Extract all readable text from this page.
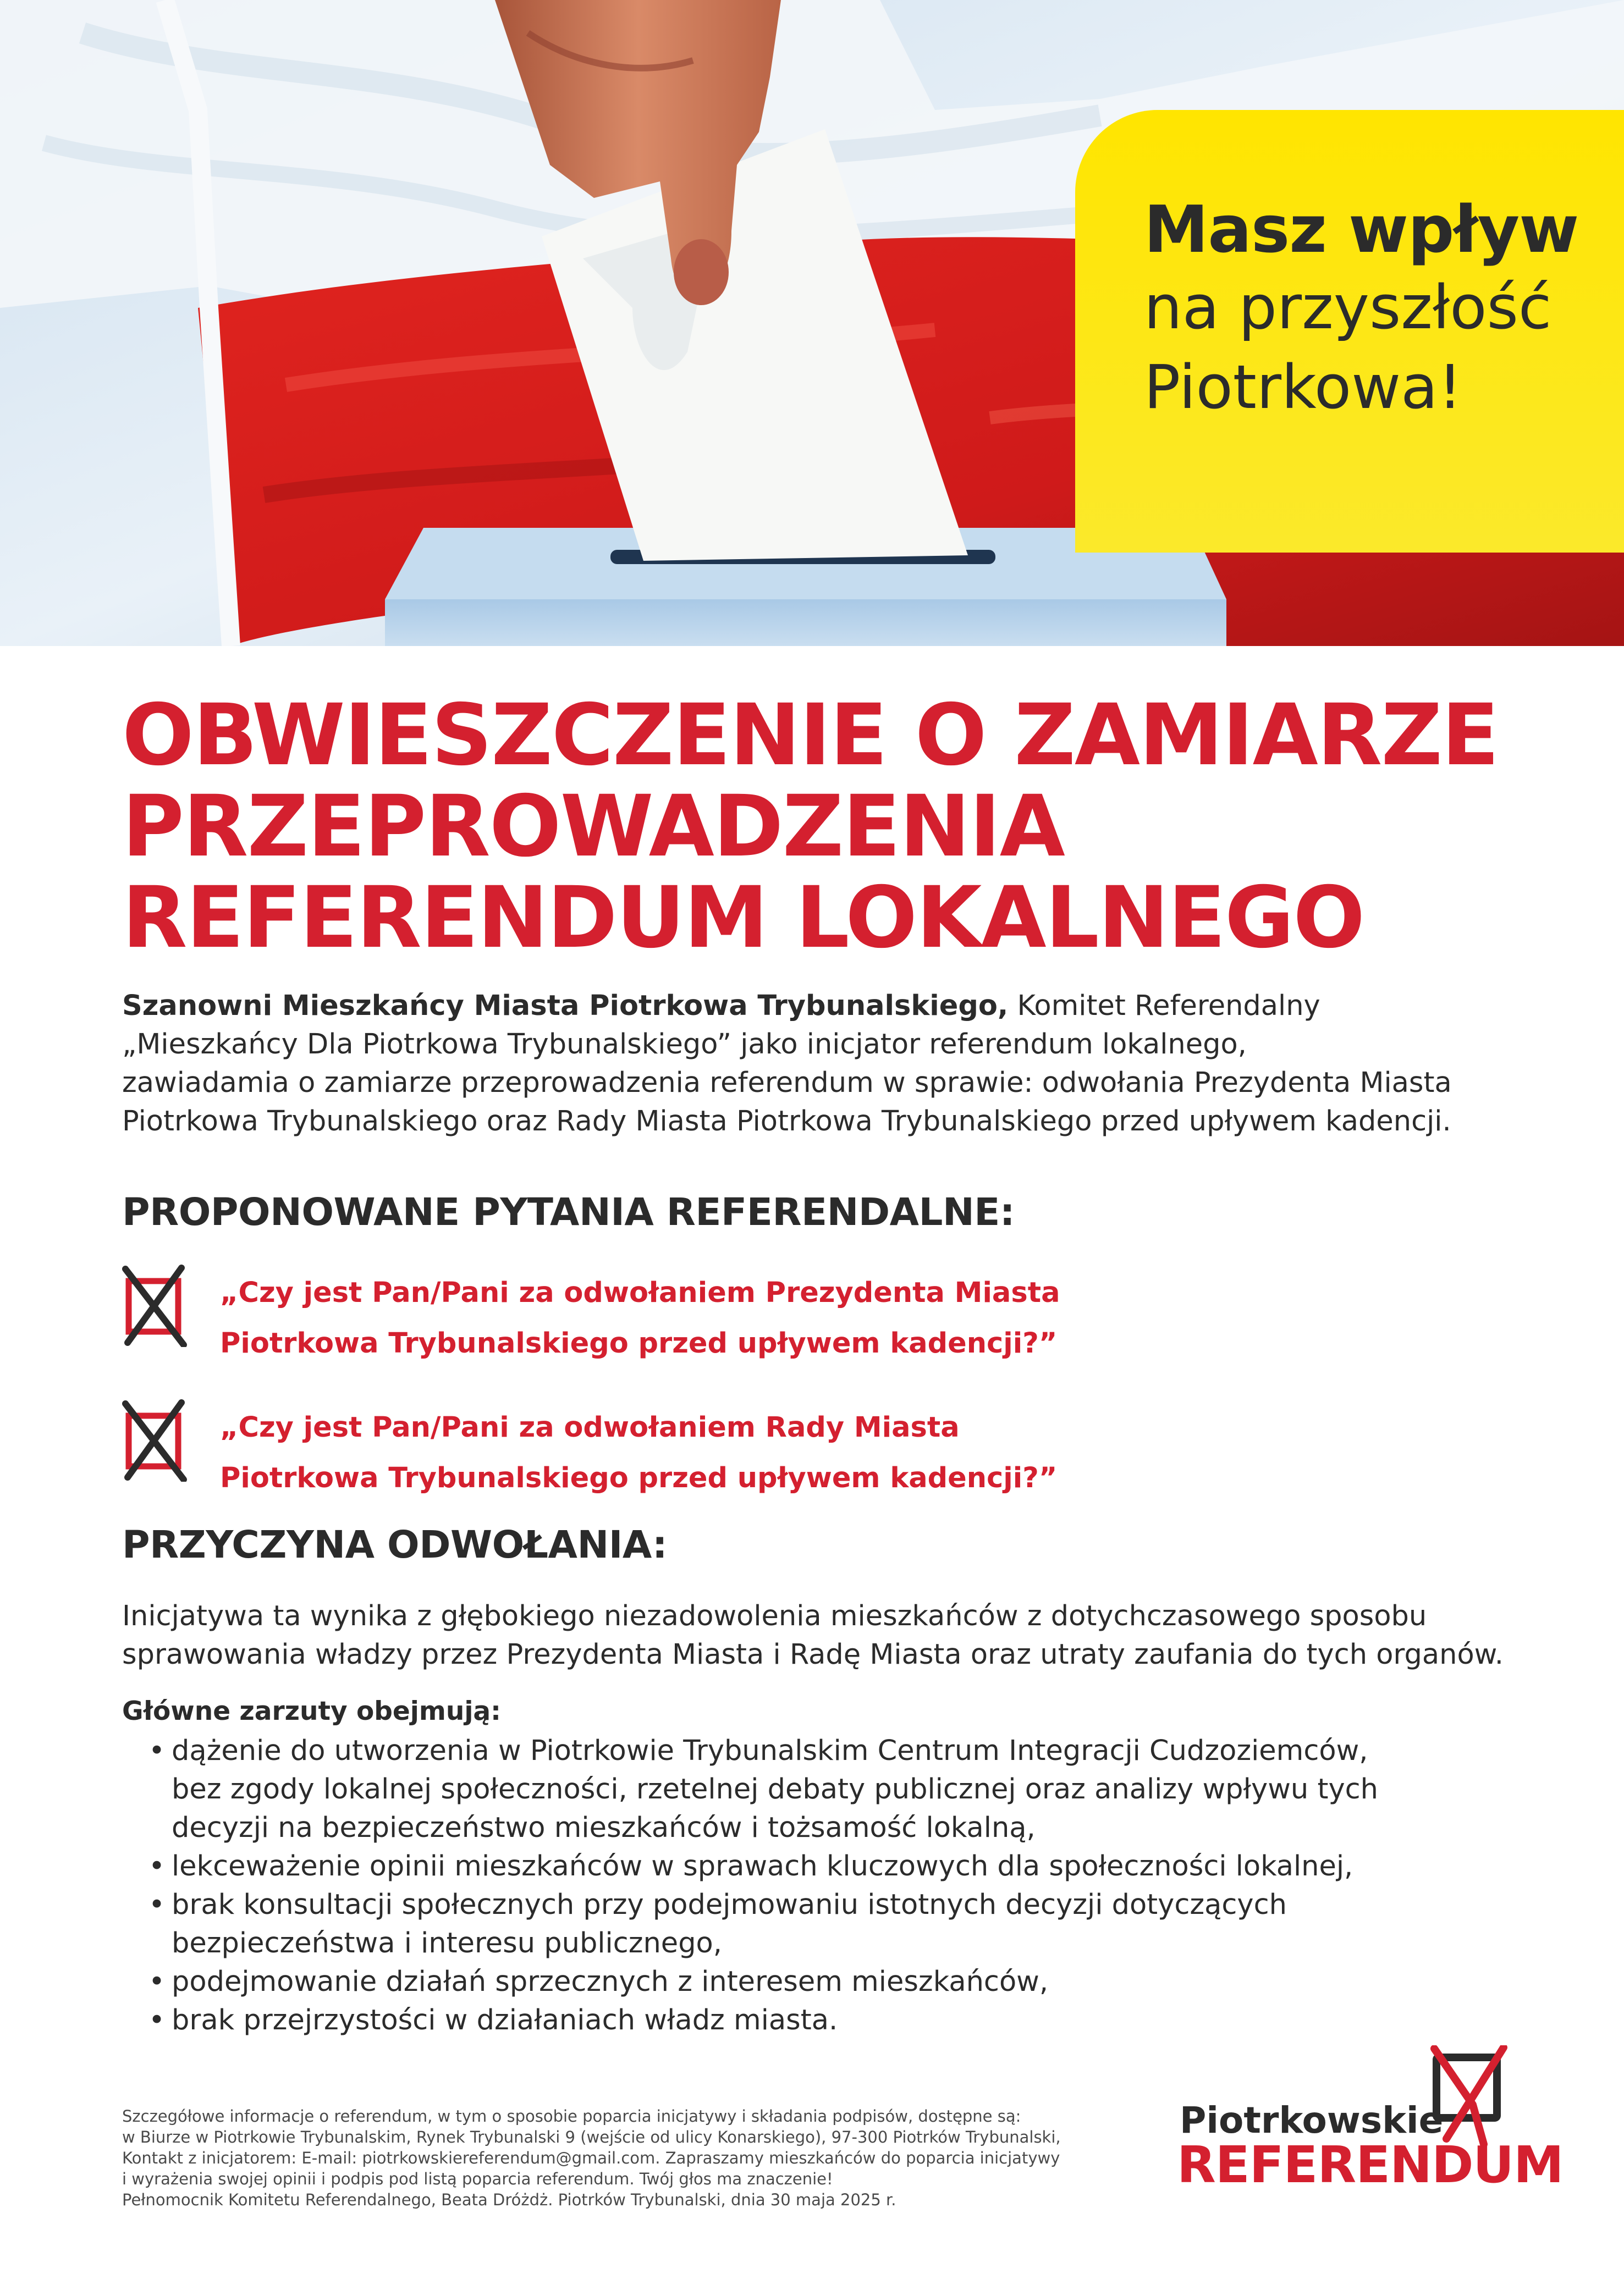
Masz wpływ
na przyszłość
Piotrkowa!
OBWIESZCZENIE O ZAMIARZE
PRZEPROWADZENIA
REFERENDUM LOKALNEGO
Szanowni Mieszkańcy Miasta Piotrkowa Trybunalskiego, Komitet Referendalny
„Mieszkańcy Dla Piotrkowa Trybunalskiego” jako inicjator referendum lokalnego,
zawiadamia o zamiarze przeprowadzenia referendum w sprawie: odwołania Prezydenta Miasta
Piotrkowa Trybunalskiego oraz Rady Miasta Piotrkowa Trybunalskiego przed upływem kadencji.
PROPONOWANE PYTANIA REFERENDALNE:
„Czy jest Pan/Pani za odwołaniem Prezydenta Miasta
Piotrkowa Trybunalskiego przed upływem kadencji?”
„Czy jest Pan/Pani za odwołaniem Rady Miasta
Piotrkowa Trybunalskiego przed upływem kadencji?”
PRZYCZYNA ODWOŁANIA:
Inicjatywa ta wynika z głębokiego niezadowolenia mieszkańców z dotychczasowego sposobu
sprawowania władzy przez Prezydenta Miasta i Radę Miasta oraz utraty zaufania do tych organów.
Główne zarzuty obejmują:
• dążenie do utworzenia w Piotrkowie Trybunalskim Centrum Integracji Cudzoziemców,
bez zgody lokalnej społeczności, rzetelnej debaty publicznej oraz analizy wpływu tych
decyzji na bezpieczeństwo mieszkańców i tożsamość lokalną,
• lekceważenie opinii mieszkańców w sprawach kluczowych dla społeczności lokalnej,
• brak konsultacji społecznych przy podejmowaniu istotnych decyzji dotyczących
bezpieczeństwa i interesu publicznego,
• podejmowanie działań sprzecznych z interesem mieszkańców,
• brak przejrzystości w działaniach władz miasta.
Szczegółowe informacje o referendum, w tym o sposobie poparcia inicjatywy i składania podpisów, dostępne są:
w Biurze w Piotrkowie Trybunalskim, Rynek Trybunalski 9 (wejście od ulicy Konarskiego), 97-300 Piotrków Trybunalski,
Kontakt z inicjatorem: E-mail: piotrkowskiereferendum@gmail.com. Zapraszamy mieszkańców do poparcia inicjatywy
i wyrażenia swojej opinii i podpis pod listą poparcia referendum. Twój głos ma znaczenie!
Pełnomocnik Komitetu Referendalnego, Beata Dróżdż. Piotrków Trybunalski, dnia 30 maja 2025 r.
Piotrkowskie
REFERENDUM
